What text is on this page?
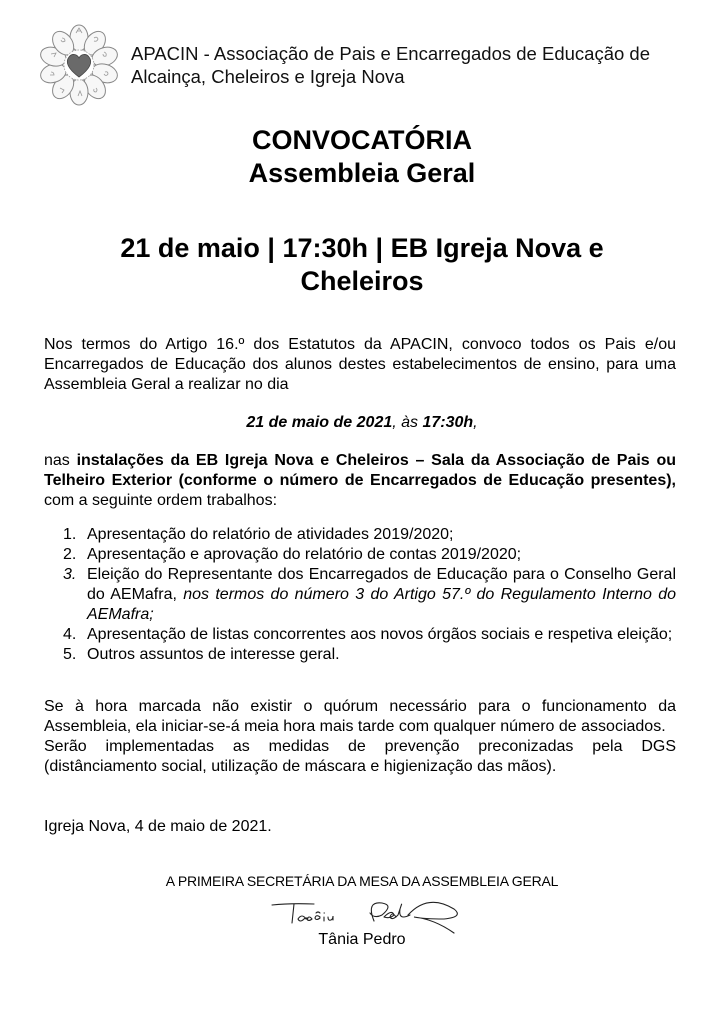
APACIN - Associação de Pais e Encarregados de Educação de
Alcainça, Cheleiros e Igreja Nova
CONVOCATÓRIA
Assembleia Geral
21 de maio | 17:30h | EB Igreja Nova e
Cheleiros
Nos termos do Artigo 16.º dos Estatutos da APACIN, convoco todos os Pais e/ou Encarregados de Educação dos alunos destes estabelecimentos de ensino, para uma Assembleia Geral a realizar no dia
21 de maio de 2021, às 17:30h,
nas instalações da EB Igreja Nova e Cheleiros – Sala da Associação de Pais ou Telheiro Exterior (conforme o número de Encarregados de Educação presentes), com a seguinte ordem trabalhos:
1. Apresentação do relatório de atividades 2019/2020;
2. Apresentação e aprovação do relatório de contas 2019/2020;
3. Eleição do Representante dos Encarregados de Educação para o Conselho Geral do AEMafra, nos termos do número 3 do Artigo 57.º do Regulamento Interno do AEMafra;
4. Apresentação de listas concorrentes aos novos órgãos sociais e respetiva eleição;
5. Outros assuntos de interesse geral.
Se à hora marcada não existir o quórum necessário para o funcionamento da Assembleia, ela iniciar-se-á meia hora mais tarde com qualquer número de associados.
Serão implementadas as medidas de prevenção preconizadas pela DGS (distânciamento social, utilização de máscara e higienização das mãos).
Igreja Nova, 4 de maio de 2021.
A PRIMEIRA SECRETÁRIA DA MESA DA ASSEMBLEIA GERAL
Tânia Pedro
